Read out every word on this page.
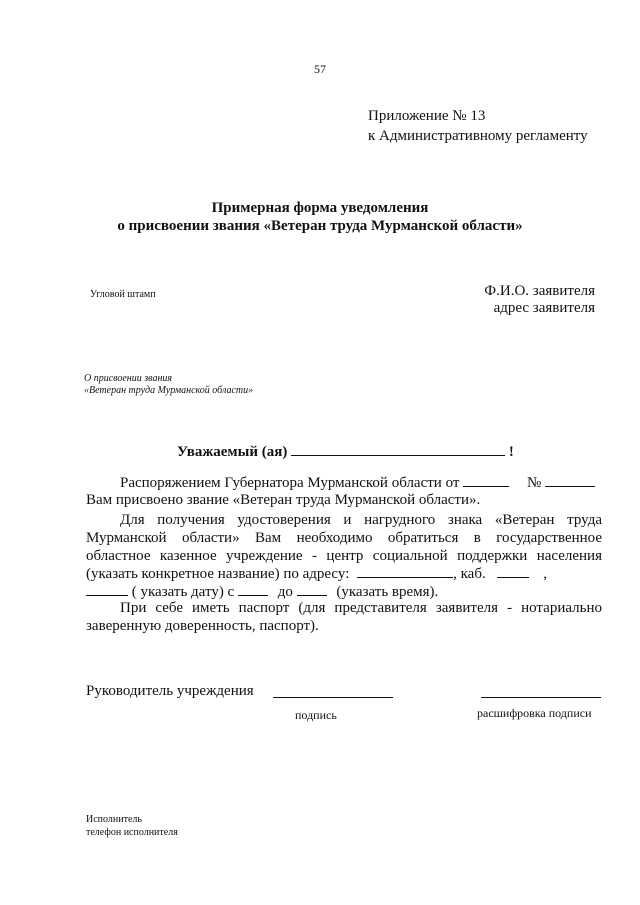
57
Приложение № 13
к Административному регламенту
Примерная форма уведомления
о присвоении звания «Ветеран труда Мурманской области»
Угловой штамп	Ф.И.О. заявителя
адрес заявителя
О присвоении звания
«Ветеран труда Мурманской области»
Уважаемый (ая)	!
Распоряжением Губернатора Мурманской области от	№
Вам присвоено звание «Ветеран труда Мурманской области».
Для получения удостоверения и нагрудного знака «Ветеран труда
Мурманской области» Вам необходимо обратиться в государственное
областное казенное учреждение - центр социальной поддержки населения
(указать конкретное название) по адресу:	, каб.	,
( указать дату) с	до	(указать время).
При себе иметь паспорт (для представителя заявителя - нотариально
заверенную доверенность, паспорт).
Руководитель учреждения
подпись	расшифровка подписи
Исполнитель
телефон исполнителя
